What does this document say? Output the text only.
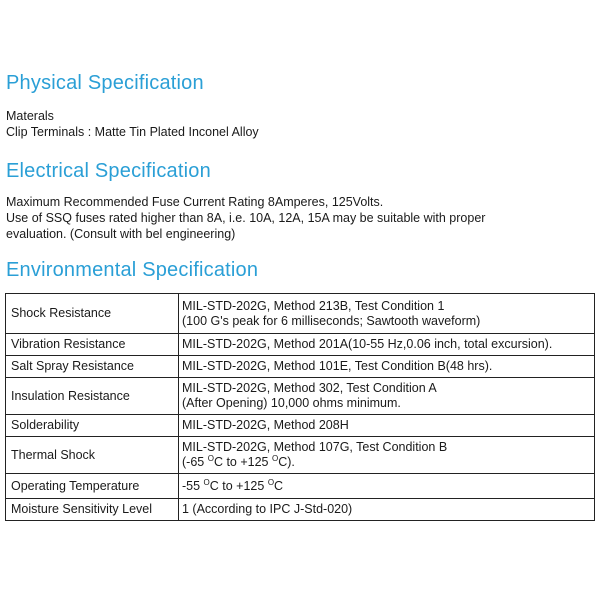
Physical Specification
Materals
Clip Terminals : Matte Tin Plated Inconel Alloy
Electrical Specification
Maximum Recommended Fuse Current Rating 8Amperes, 125Volts.
Use of SSQ fuses rated higher than 8A, i.e. 10A, 12A, 15A may be suitable with proper
evaluation. (Consult with bel engineering)
Environmental Specification
Shock Resistance	MIL-STD-202G, Method 213B, Test Condition 1
(100 G's peak for 6 milliseconds; Sawtooth waveform)

Vibration Resistance	MIL-STD-202G, Method 201A(10-55 Hz,0.06 inch, total excursion).

Salt Spray Resistance	MIL-STD-202G, Method 101E, Test Condition B(48 hrs).

Insulation Resistance	MIL-STD-202G, Method 302, Test Condition A
(After Opening) 10,000 ohms minimum.

Solderability	MIL-STD-202G, Method 208H

Thermal Shock	MIL-STD-202G, Method 107G, Test Condition B
(-65 $^O$C to +125 $^O$C).

Operating Temperature	-55 $^O$C to +125 $^O$C

Moisture Sensitivity Level	1 (According to IPC J-Std-020)
